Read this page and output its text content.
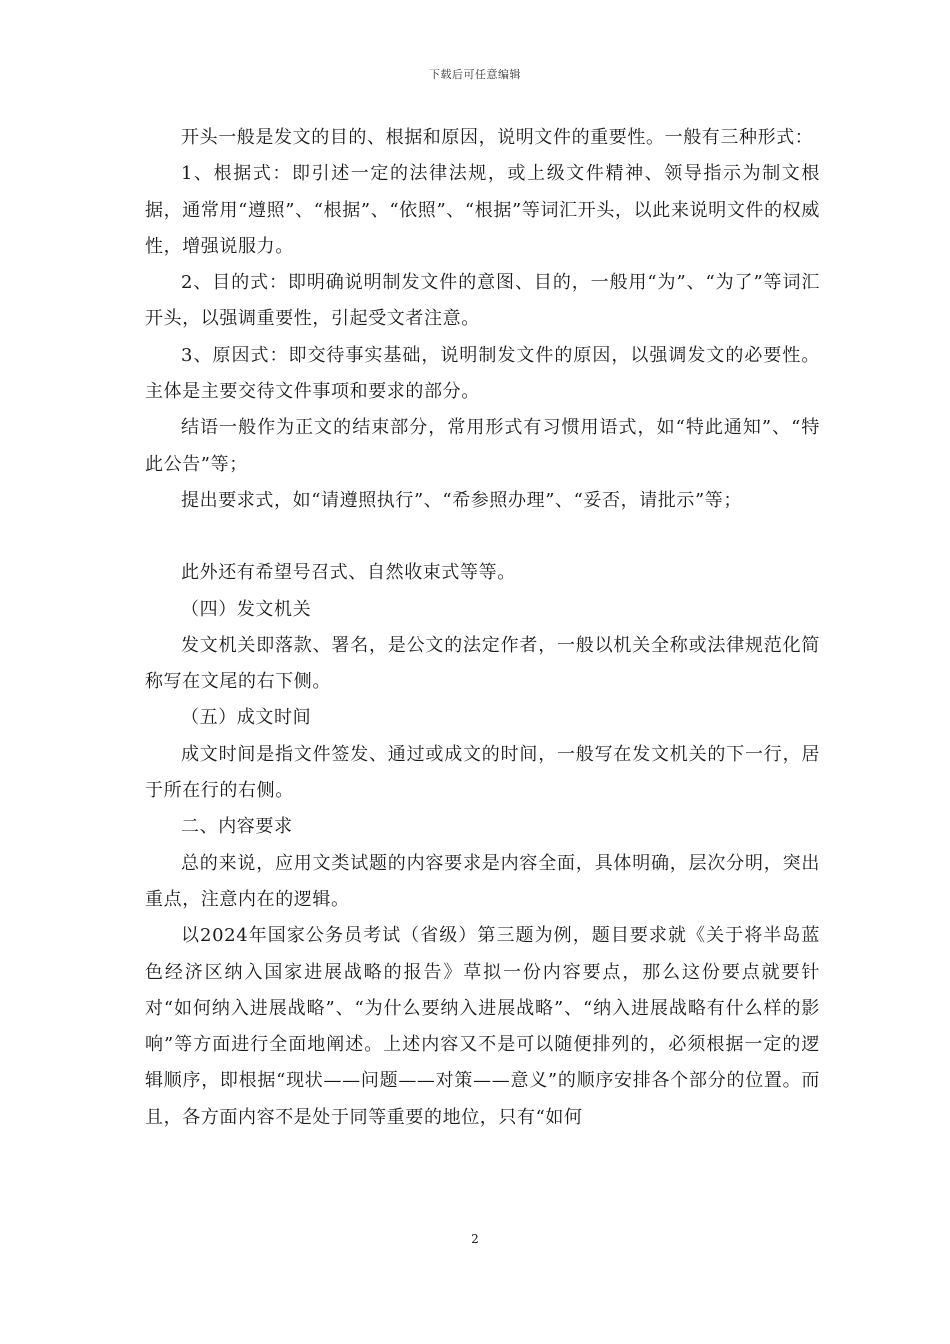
下载后可任意编辑

开头一般是发文的目的、根据和原因，说明文件的重要性。一般有三种形式：

1、根据式：即引述一定的法律法规，或上级文件精神、领导指示为制文根据，通常用“遵照”、“根据”、“依照”、“根据”等词汇开头，以此来说明文件的权威性，增强说服力。

2、目的式：即明确说明制发文件的意图、目的，一般用“为”、“为了”等词汇开头，以强调重要性，引起受文者注意。

3、原因式：即交待事实基础，说明制发文件的原因，以强调发文的必要性。主体是主要交待文件事项和要求的部分。

结语一般作为正文的结束部分，常用形式有习惯用语式，如“特此通知”、“特此公告”等；

提出要求式，如“请遵照执行”、“希参照办理”、“妥否，请批示”等；

此外还有希望号召式、自然收束式等等。

（四）发文机关

发文机关即落款、署名，是公文的法定作者，一般以机关全称或法律规范化简称写在文尾的右下侧。

（五）成文时间

成文时间是指文件签发、通过或成文的时间，一般写在发文机关的下一行，居于所在行的右侧。

二、内容要求

总的来说，应用文类试题的内容要求是内容全面，具体明确，层次分明，突出重点，注意内在的逻辑。

以2024年国家公务员考试（省级）第三题为例，题目要求就《关于将半岛蓝色经济区纳入国家进展战略的报告》草拟一份内容要点，那么这份要点就要针对“如何纳入进展战略”、“为什么要纳入进展战略”、“纳入进展战略有什么样的影响”等方面进行全面地阐述。上述内容又不是可以随便排列的，必须根据一定的逻辑顺序，即根据“现状——问题——对策——意义”的顺序安排各个部分的位置。而且，各方面内容不是处于同等重要的地位，只有“如何

2
